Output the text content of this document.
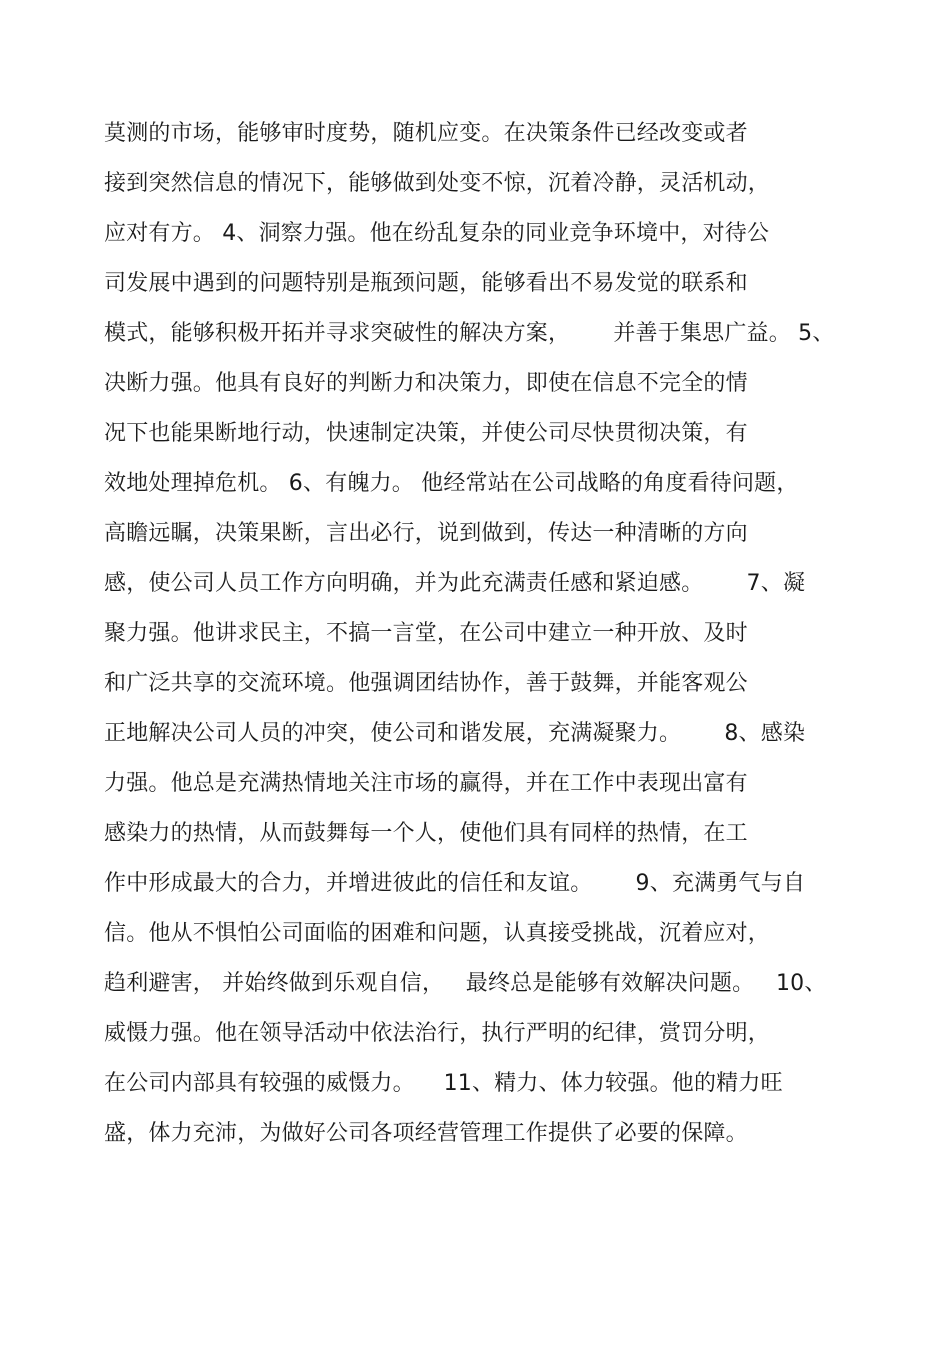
莫测的市场，能够审时度势，随机应变。在决策条件已经改变或者
接到突然信息的情况下，能够做到处变不惊，沉着冷静，灵活机动，
应对有方。 4、洞察力强。他在纷乱复杂的同业竞争环境中，对待公
司发展中遇到的问题特别是瓶颈问题，能够看出不易发觉的联系和
模式，能够积极开拓并寻求突破性的解决方案，      并善于集思广益。 5、
决断力强。他具有良好的判断力和决策力，即使在信息不完全的情
况下也能果断地行动，快速制定决策，并使公司尽快贯彻决策，有
效地处理掉危机。 6、有魄力。 他经常站在公司战略的角度看待问题，
高瞻远瞩，决策果断，言出必行，说到做到，传达一种清晰的方向
感，使公司人员工作方向明确，并为此充满责任感和紧迫感。      7、凝
聚力强。他讲求民主，不搞一言堂，在公司中建立一种开放、及时
和广泛共享的交流环境。他强调团结协作，善于鼓舞，并能客观公
正地解决公司人员的冲突，使公司和谐发展，充满凝聚力。      8、感染
力强。他总是充满热情地关注市场的赢得，并在工作中表现出富有
感染力的热情，从而鼓舞每一个人，使他们具有同样的热情，在工
作中形成最大的合力，并增进彼此的信任和友谊。      9、充满勇气与自
信。他从不惧怕公司面临的困难和问题，认真接受挑战，沉着应对，
趋利避害， 并始终做到乐观自信，   最终总是能够有效解决问题。   10、
威慑力强。他在领导活动中依法治行，执行严明的纪律，赏罚分明，
在公司内部具有较强的威慑力。    11、精力、体力较强。他的精力旺
盛，体力充沛，为做好公司各项经营管理工作提供了必要的保障。
